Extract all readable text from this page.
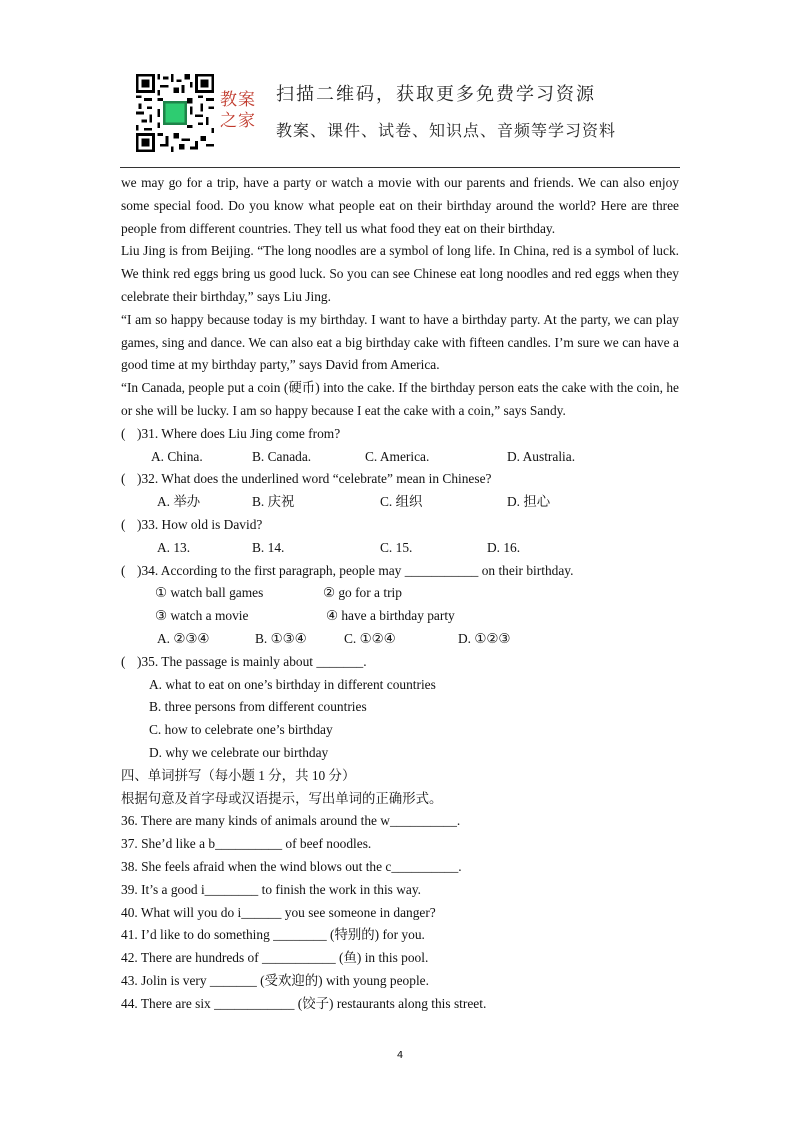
教案
之家
扫描二维码，获取更多免费学习资源
教案、课件、试卷、知识点、音频等学习资料

we may go for a trip, have a party or watch a movie with our parents and friends. We can also enjoy some special food. Do you know what people eat on their birthday around the world? Here are three people from different countries. They tell us what food they eat on their birthday.

Liu Jing is from Beijing. “The long noodles are a symbol of long life. In China, red is a symbol of luck. We think red eggs bring us good luck. So you can see Chinese eat long noodles and red eggs when they celebrate their birthday,” says Liu Jing.

“I am so happy because today is my birthday. I want to have a birthday party. At the party, we can play games, sing and dance. We can also eat a big birthday cake with fifteen candles. I’m sure we can have a good time at my birthday party,” says David from America.

“In Canada, people put a coin (硬币) into the cake. If the birthday person eats the cake with the coin, he or she will be lucky. I am so happy because I eat the cake with a coin,” says Sandy.

( )31. Where does Liu Jing come from?

A. China.	B. Canada.	C. America.	D. Australia.

( )32. What does the underlined word “celebrate” mean in Chinese?

A. 举办	B. 庆祝	C. 组织	D. 担心

( )33. How old is David?

A. 13.	B. 14.	C. 15.	D. 16.

( )34. According to the first paragraph, people may ___________ on their birthday.

① watch ball games	② go for a trip
③ watch a movie	④ have a birthday party
A. ②③④	B. ①③④	C. ①②④	D. ①②③

( )35. The passage is mainly about _______.

A. what to eat on one’s birthday in different countries

B. three persons from different countries

C. how to celebrate one’s birthday

D. why we celebrate our birthday

四、单词拼写（每小题 1 分，共 10 分）

根据句意及首字母或汉语提示，写出单词的正确形式。

36. There are many kinds of animals around the w__________.

37. She’d like a b__________ of beef noodles.

38. She feels afraid when the wind blows out the c__________.

39. It’s a good i________ to finish the work in this way.

40. What will you do i______ you see someone in danger?

41. I’d like to do something ________ (特别的) for you.

42. There are hundreds of ___________ (鱼) in this pool.

43. Jolin is very _______ (受欢迎的) with young people.

44. There are six ____________ (饺子) restaurants along this street.

4
